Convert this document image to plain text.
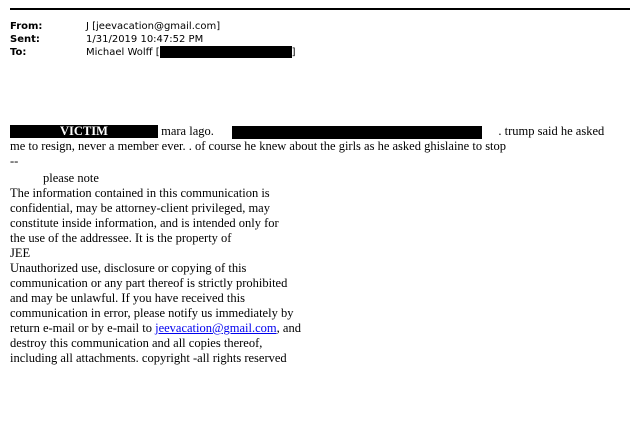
From:	J [jeevacation@gmail.com]
Sent:	1/31/2019 10:47:52 PM
To:	Michael Wolff [	]
VICTIM	mara lago.	. trump said he asked
me to resign, never a member ever. . of course he knew about the girls as he asked ghislaine to stop
--
please note
The information contained in this communication is
confidential, may be attorney-client privileged, may
constitute inside information, and is intended only for
the use of the addressee. It is the property of
JEE
Unauthorized use, disclosure or copying of this
communication or any part thereof is strictly prohibited
and may be unlawful. If you have received this
communication in error, please notify us immediately by
return e-mail or by e-mail to jeevacation@gmail.com, and
destroy this communication and all copies thereof,
including all attachments. copyright -all rights reserved
